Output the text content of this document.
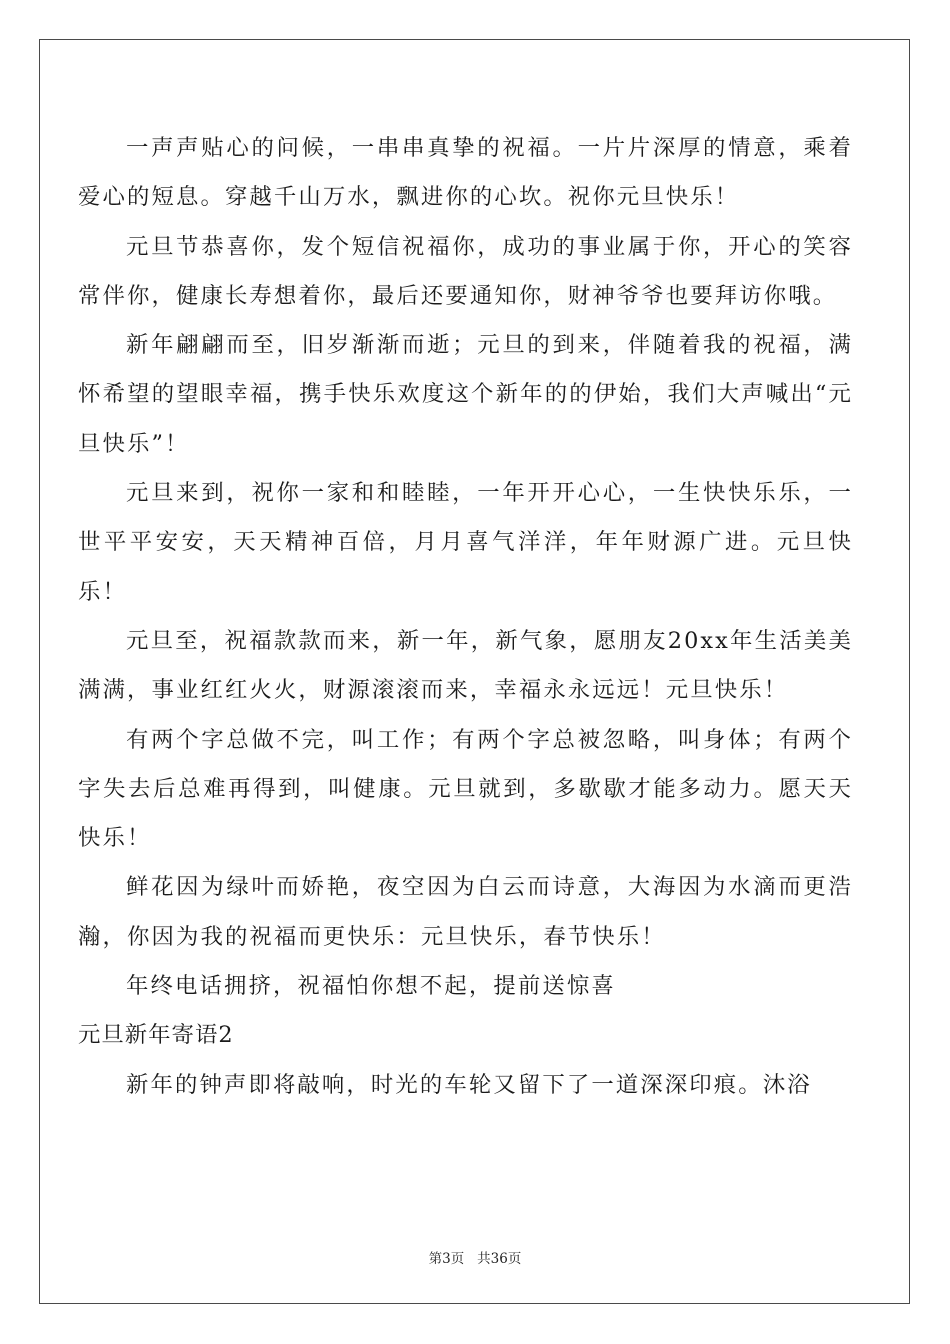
一声声贴心的问候，一串串真挚的祝福。一片片深厚的情意，乘着爱心的短息。穿越千山万水，飘进你的心坎。祝你元旦快乐！

元旦节恭喜你，发个短信祝福你，成功的事业属于你，开心的笑容常伴你，健康长寿想着你，最后还要通知你，财神爷爷也要拜访你哦。

新年翩翩而至，旧岁渐渐而逝；元旦的到来，伴随着我的祝福，满怀希望的望眼幸福，携手快乐欢度这个新年的的伊始，我们大声喊出“元旦快乐”！

元旦来到，祝你一家和和睦睦，一年开开心心，一生快快乐乐，一世平平安安，天天精神百倍，月月喜气洋洋，年年财源广进。元旦快乐！

元旦至，祝福款款而来，新一年，新气象，愿朋友20xx年生活美美满满，事业红红火火，财源滚滚而来，幸福永永远远！元旦快乐！

有两个字总做不完，叫工作；有两个字总被忽略，叫身体；有两个字失去后总难再得到，叫健康。元旦就到，多歇歇才能多动力。愿天天快乐！

鲜花因为绿叶而娇艳，夜空因为白云而诗意，大海因为水滴而更浩瀚，你因为我的祝福而更快乐：元旦快乐，春节快乐！

年终电话拥挤，祝福怕你想不起，提前送惊喜

元旦新年寄语2

新年的钟声即将敲响，时光的车轮又留下了一道深深印痕。沐浴

第3页 共36页
